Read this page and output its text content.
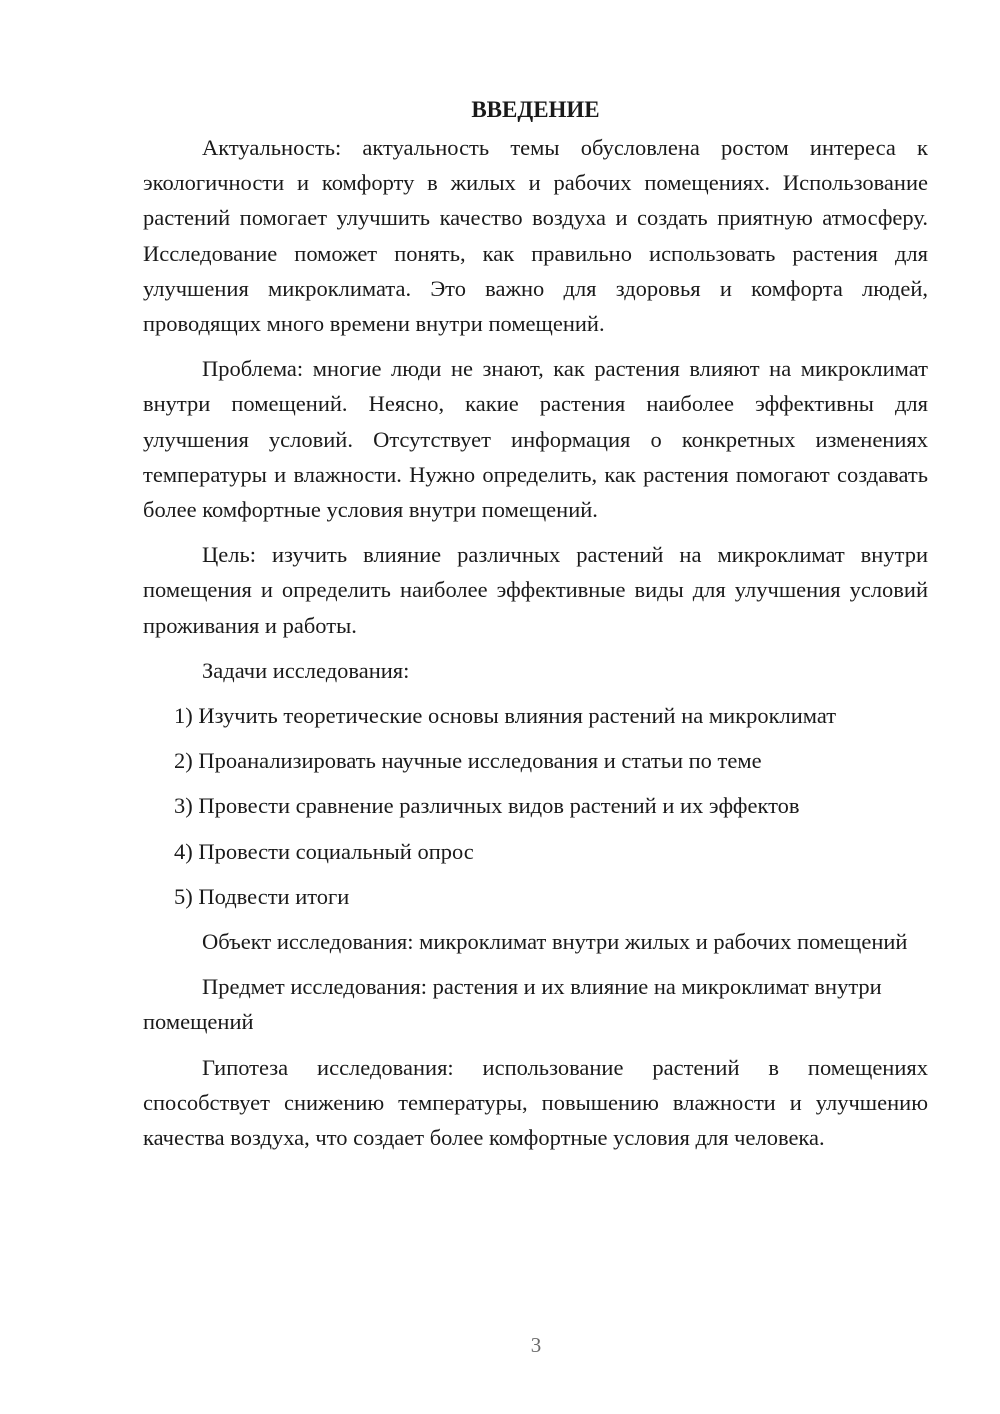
ВВЕДЕНИЕ

Актуальность: актуальность темы обусловлена ростом интереса к экологичности и комфорту в жилых и рабочих помещениях. Использование растений помогает улучшить качество воздуха и создать приятную атмосферу. Исследование поможет понять, как правильно использовать растения для улучшения микроклимата. Это важно для здоровья и комфорта людей, проводящих много времени внутри помещений.

Проблема: многие люди не знают, как растения влияют на микроклимат внутри помещений. Неясно, какие растения наиболее эффективны для улучшения условий. Отсутствует информация о конкретных изменениях температуры и влажности. Нужно определить, как растения помогают создавать более комфортные условия внутри помещений.

Цель: изучить влияние различных растений на микроклимат внутри помещения и определить наиболее эффективные виды для улучшения условий проживания и работы.

Задачи исследования:

1) Изучить теоретические основы влияния растений на микроклимат
2) Проанализировать научные исследования и статьи по теме
3) Провести сравнение различных видов растений и их эффектов
4) Провести социальный опрос
5) Подвести итоги

Объект исследования: микроклимат внутри жилых и рабочих помещений

Предмет исследования: растения и их влияние на микроклимат внутри помещений

Гипотеза исследования: использование растений в помещениях способствует снижению температуры, повышению влажности и улучшению качества воздуха, что создает более комфортные условия для человека.

3
